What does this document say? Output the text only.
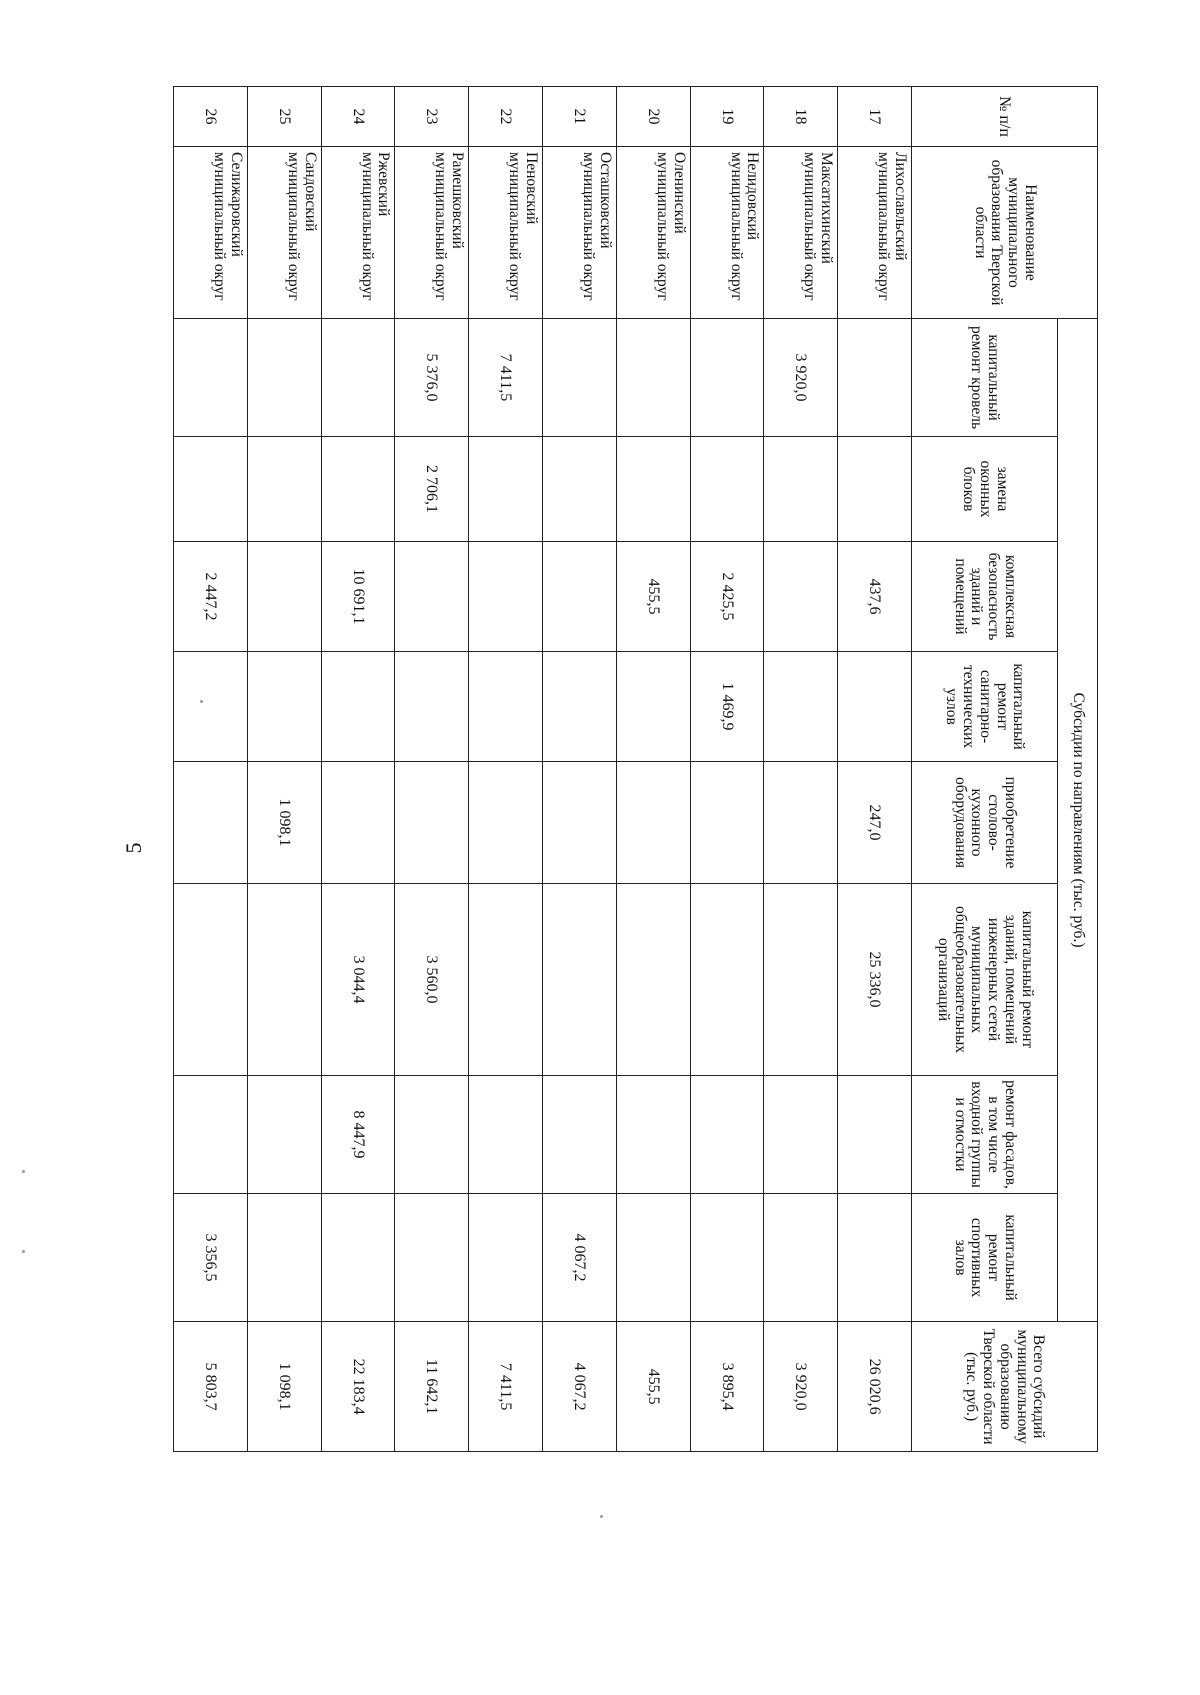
5
№ п/п	Наименование муниципального образования Тверской области	Субсидии по направлениям (тыс. руб.)								Всего субсидий муниципальному образованию Тверской области (тыс. руб.)
		капитальный ремонт кровель	замена оконных блоков	комплексная безопасность зданий и помещений	капитальный ремонт санитарно-технических узлов	приобретение столово-кухонного оборудования	капитальный ремонт зданий, помещений инженерных сетей муниципальных общеобразовательных организаций	ремонт фасадов, в том числе входной группы и отмостки	капитальный ремонт спортивных залов	
17	Лихославльский муниципальный округ			437,6		247,0	25 336,0			26 020,6
18	Максатихинский муниципальный округ	3 920,0								3 920,0
19	Нелидовский муниципальный округ			2 425,5	1 469,9					3 895,4
20	Оленинский муниципальный округ			455,5						455,5
21	Осташковский муниципальный округ								4 067,2	4 067,2
22	Пеновский муниципальный округ	7 411,5								7 411,5
23	Рамешковский муниципальный округ	5 376,0	2 706,1				3 560,0			11 642,1
24	Ржевский муниципальный округ			10 691,1			3 044,4	8 447,9		22 183,4
25	Сандовский муниципальный округ					1 098,1				1 098,1
26	Селижаровский муниципальный округ			2 447,2					3 356,5	5 803,7
